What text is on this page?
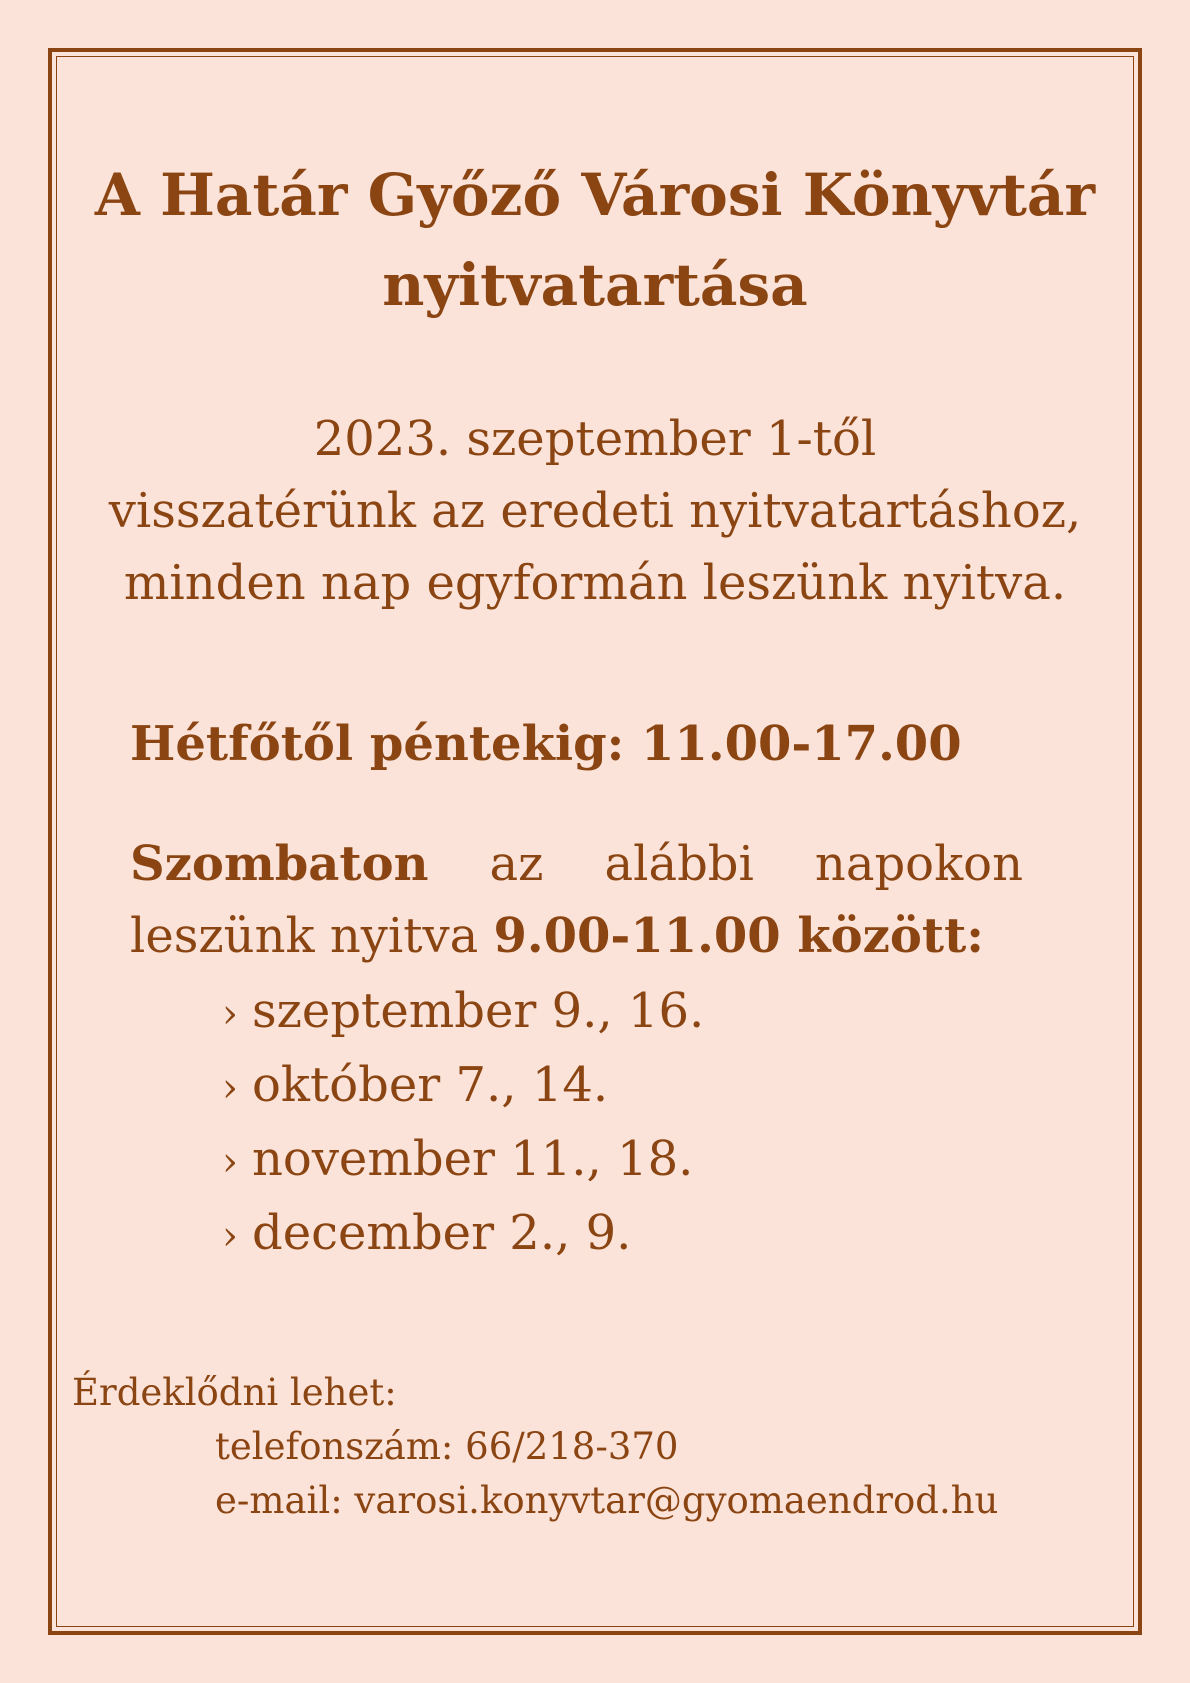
A Határ Győző Városi Könyvtár
nyitvatartása
2023. szeptember 1-től
visszatérünk az eredeti nyitvatartáshoz,
minden nap egyformán leszünk nyitva.
Hétfőtől péntekig: 11.00-17.00
Szombaton az alábbi napokon
leszünk nyitva 9.00-11.00 között:
› szeptember 9., 16.
› október 7., 14.
› november 11., 18.
› december 2., 9.
Érdeklődni lehet:
telefonszám: 66/218-370
e-mail: varosi.konyvtar@gyomaendrod.hu
